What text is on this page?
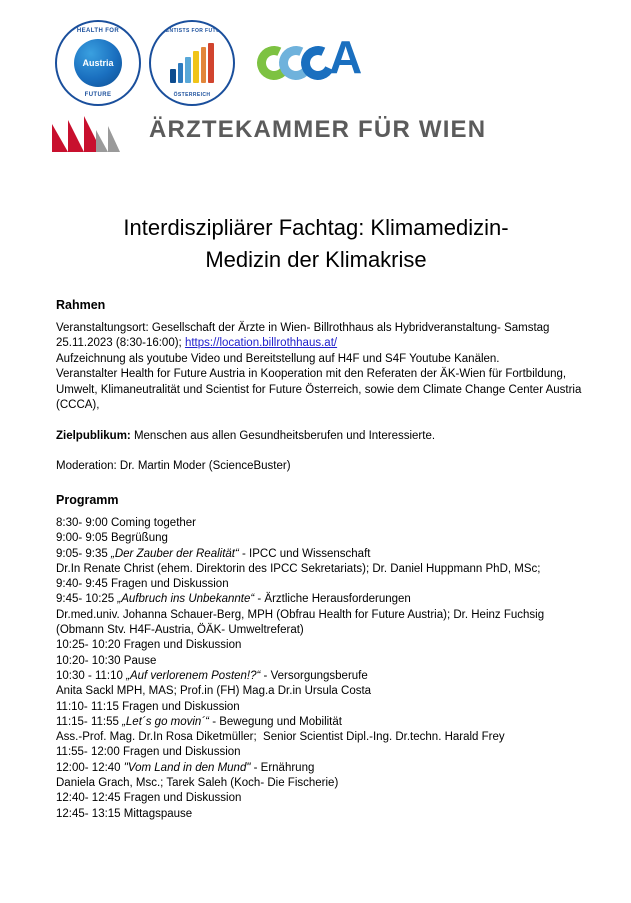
HEALTH FOR
Austria
FUTURE
SCIENTISTS FOR FUTURE
ÖSTERREICH
A
ÄRZTEKAMMER FÜR WIEN
Interdiszipliärer Fachtag: Klimamedizin-
Medizin der Klimakrise
Rahmen
Veranstaltungsort: Gesellschaft der Ärzte in Wien- Billrothhaus als Hybridveranstaltung- Samstag 25.11.2023 (8:30-16:00); https://location.billrothhaus.at/
Aufzeichnung als youtube Video und Bereitstellung auf H4F und S4F Youtube Kanälen.
Veranstalter Health for Future Austria in Kooperation mit den Referaten der ÄK-Wien für Fortbildung, Umwelt, Klimaneutralität und Scientist for Future Österreich, sowie dem Climate Change Center Austria (CCCA),
Zielpublikum: Menschen aus allen Gesundheitsberufen und Interessierte.
Moderation: Dr. Martin Moder (ScienceBuster)
Programm
8:30- 9:00 Coming together
9:00- 9:05 Begrüßung
9:05- 9:35 „Der Zauber der Realität“ - IPCC und Wissenschaft
Dr.In Renate Christ (ehem. Direktorin des IPCC Sekretariats); Dr. Daniel Huppmann PhD, MSc;
9:40- 9:45 Fragen und Diskussion
9:45- 10:25 „Aufbruch ins Unbekannte“ - Ärztliche Herausforderungen
Dr.med.univ. Johanna Schauer-Berg, MPH (Obfrau Health for Future Austria); Dr. Heinz Fuchsig (Obmann Stv. H4F-Austria, ÖÄK- Umweltreferat)
10:25- 10:20 Fragen und Diskussion
10:20- 10:30 Pause
10:30 - 11:10 „Auf verlorenem Posten!?“ - Versorgungsberufe
Anita Sackl MPH, MAS; Prof.in (FH) Mag.a Dr.in Ursula Costa
11:10- 11:15 Fragen und Diskussion
11:15- 11:55 „Let´s go movin´“ - Bewegung und Mobilität
Ass.-Prof. Mag. Dr.In Rosa Diketmüller;  Senior Scientist Dipl.-Ing. Dr.techn. Harald Frey
11:55- 12:00 Fragen und Diskussion
12:00- 12:40 "Vom Land in den Mund" - Ernährung
Daniela Grach, Msc.; Tarek Saleh (Koch- Die Fischerie)
12:40- 12:45 Fragen und Diskussion
12:45- 13:15 Mittagspause
